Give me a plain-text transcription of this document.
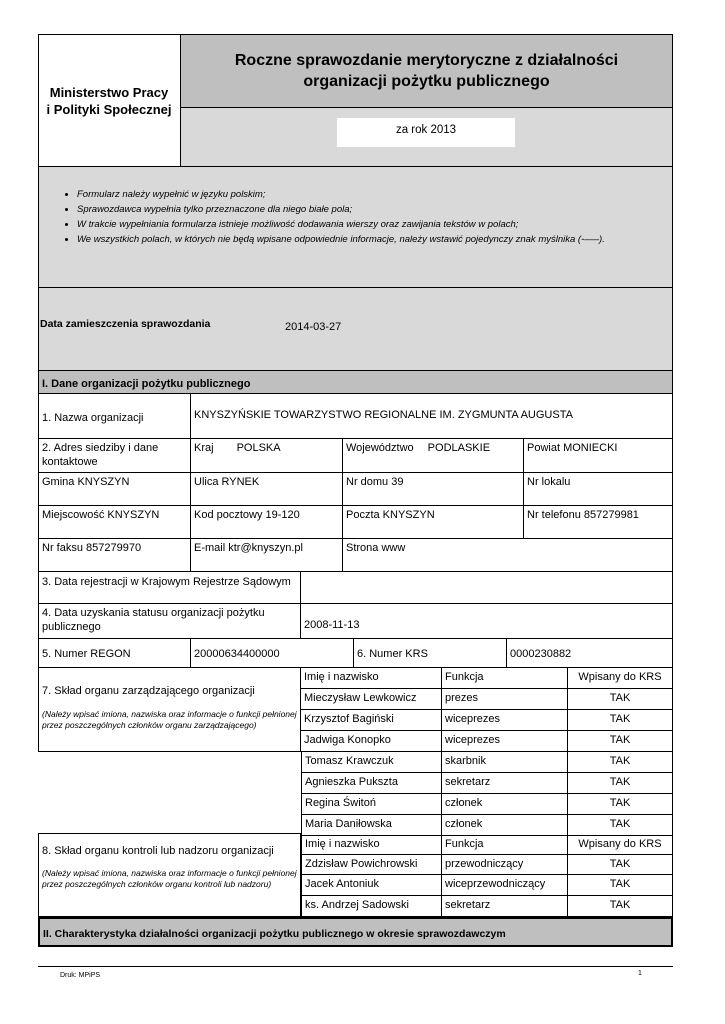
Ministerstwo Pracy
i Polityki Społecznej
Roczne sprawozdanie merytoryczne z działalności
organizacji pożytku publicznego
za rok 2013
• Formularz należy wypełnić w języku polskim;
• Sprawozdawca wypełnia tylko przeznaczone dla niego białe pola;
• W trakcie wypełniania formularza istnieje możliwość dodawania wierszy oraz zawijania tekstów w polach;
• We wszystkich polach, w których nie będą wpisane odpowiednie informacje, należy wstawić pojedynczy znak myślnika (-–—).
Data zamieszczenia sprawozdania	2014-03-27
I. Dane organizacji pożytku publicznego
1. Nazwa organizacji	KNYSZYŃSKIE TOWARZYSTWO REGIONALNE IM. ZYGMUNTA AUGUSTA
2. Adres siedziby i dane kontaktowe
Kraj POLSKA	Województwo PODLASKIE	Powiat MONIECKI
Gmina KNYSZYN	Ulica RYNEK	Nr domu 39	Nr lokalu
Miejscowość KNYSZYN	Kod pocztowy 19-120	Poczta KNYSZYN	Nr telefonu 857279981
Nr faksu 857279970	E-mail ktr@knyszyn.pl	Strona www
3. Data rejestracji w Krajowym Rejestrze Sądowym
4. Data uzyskania statusu organizacji pożytku publicznego	2008-11-13
5. Numer REGON	20000634400000	6. Numer KRS	0000230882
7. Skład organu zarządzającego organizacji
(Należy wpisać imiona, nazwiska oraz informacje o funkcji pełnionej przez poszczególnych członków organu zarządzającego)
Imię i nazwisko	Funkcja	Wpisany do KRS
Mieczysław Lewkowicz	prezes	TAK
Krzysztof Bagiński	wiceprezes	TAK
Jadwiga Konopko	wiceprezes	TAK
Tomasz Krawczuk	skarbnik	TAK
Agnieszka Pukszta	sekretarz	TAK
Regina Świtoń	członek	TAK
Maria Daniłowska	członek	TAK
8. Skład organu kontroli lub nadzoru organizacji
(Należy wpisać imiona, nazwiska oraz informacje o funkcji pełnionej przez poszczególnych członków organu kontroli lub nadzoru)
Imię i nazwisko	Funkcja	Wpisany do KRS
Zdzisław Powichrowski	przewodniczący	TAK
Jacek Antoniuk	wiceprzewodniczący	TAK
ks. Andrzej Sadowski	sekretarz	TAK
II. Charakterystyka działalności organizacji pożytku publicznego w okresie sprawozdawczym
Druk: MPiPS	1
